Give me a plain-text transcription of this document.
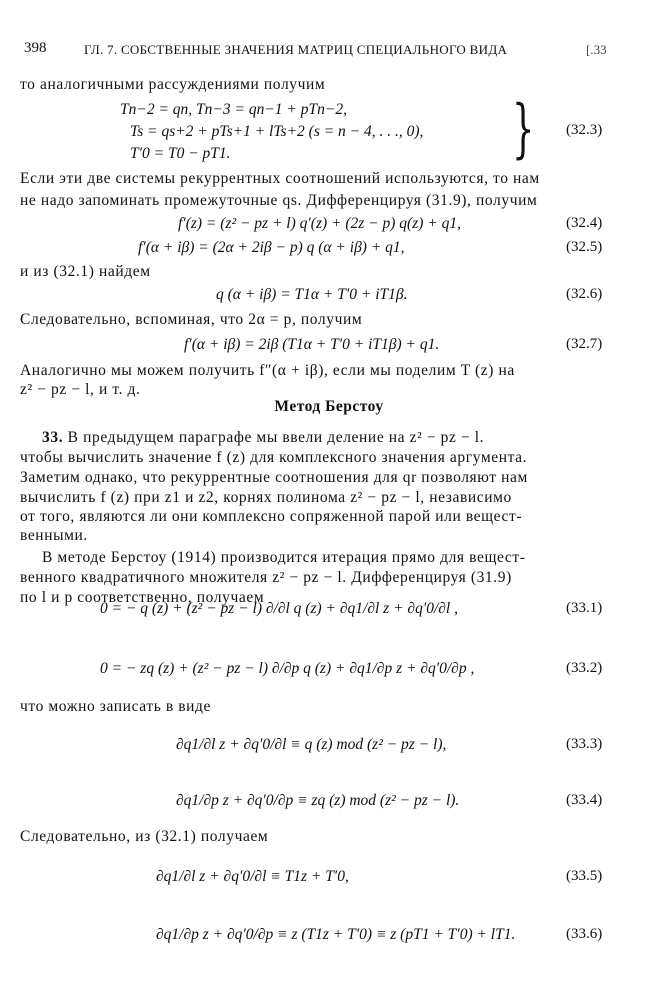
398	ГЛ. 7. СОБСТВЕННЫЕ ЗНАЧЕНИЯ МАТРИЦ СПЕЦИАЛЬНОГО ВИДА	[.33

то аналогичными рассуждениями получим

Tn−2 = qn, Tn−3 = qn−1 + pTn−2,
Ts = qs+2 + pTs+1 + lTs+2 (s = n − 4, . . ., 0),
T′0 = T0 − pT1.	} (32.3)

Если эти две системы рекуррентных соотношений используются, то нам

не надо запоминать промежуточные qs. Дифференцируя (31.9), получим

f′(z) = (z² − pz + l) q′(z) + (2z − p) q(z) + q1,	(32.4)
f′(α + iβ) = (2α + 2iβ − p) q (α + iβ) + q1,	(32.5)

и из (32.1) найдем

q (α + iβ) = T1α + T′0 + iT1β.	(32.6)

Следовательно, вспоминая, что 2α = p, получим

f′(α + iβ) = 2iβ (T1α + T′0 + iT1β) + q1.	(32.7)

Аналогично мы можем получить f″(α + iβ), если мы поделим T (z) на

z² − pz − l, и т. д.

Метод Берстоу

33. В предыдущем параграфе мы ввели деление на z² − pz − l.

чтобы вычислить значение f (z) для комплексного значения аргумента.

Заметим однако, что рекуррентные соотношения для qr позволяют нам

вычислить f (z) при z1 и z2, корнях полинома z² − pz − l, независимо

от того, являются ли они комплексно сопряженной парой или вещест-

венными.

В методе Берстоу (1914) производится итерация прямо для вещест-

венного квадратичного множителя z² − pz − l. Дифференцируя (31.9)

по l и p соответственно, получаем

0 = − q (z) + (z² − pz − l) ∂/∂l q (z) + ∂q1/∂l z + ∂q′0/∂l ,	(33.1)
0 = − zq (z) + (z² − pz − l) ∂/∂p q (z) + ∂q1/∂p z + ∂q′0/∂p ,	(33.2)

что можно записать в виде

∂q1/∂l z + ∂q′0/∂l ≡ q (z) mod (z² − pz − l),	(33.3)
∂q1/∂p z + ∂q′0/∂p ≡ zq (z) mod (z² − pz − l).	(33.4)

Следовательно, из (32.1) получаем

∂q1/∂l z + ∂q′0/∂l ≡ T1z + T′0,	(33.5)
∂q1/∂p z + ∂q′0/∂p ≡ z (T1z + T′0) ≡ z (pT1 + T′0) + lT1.	(33.6)
